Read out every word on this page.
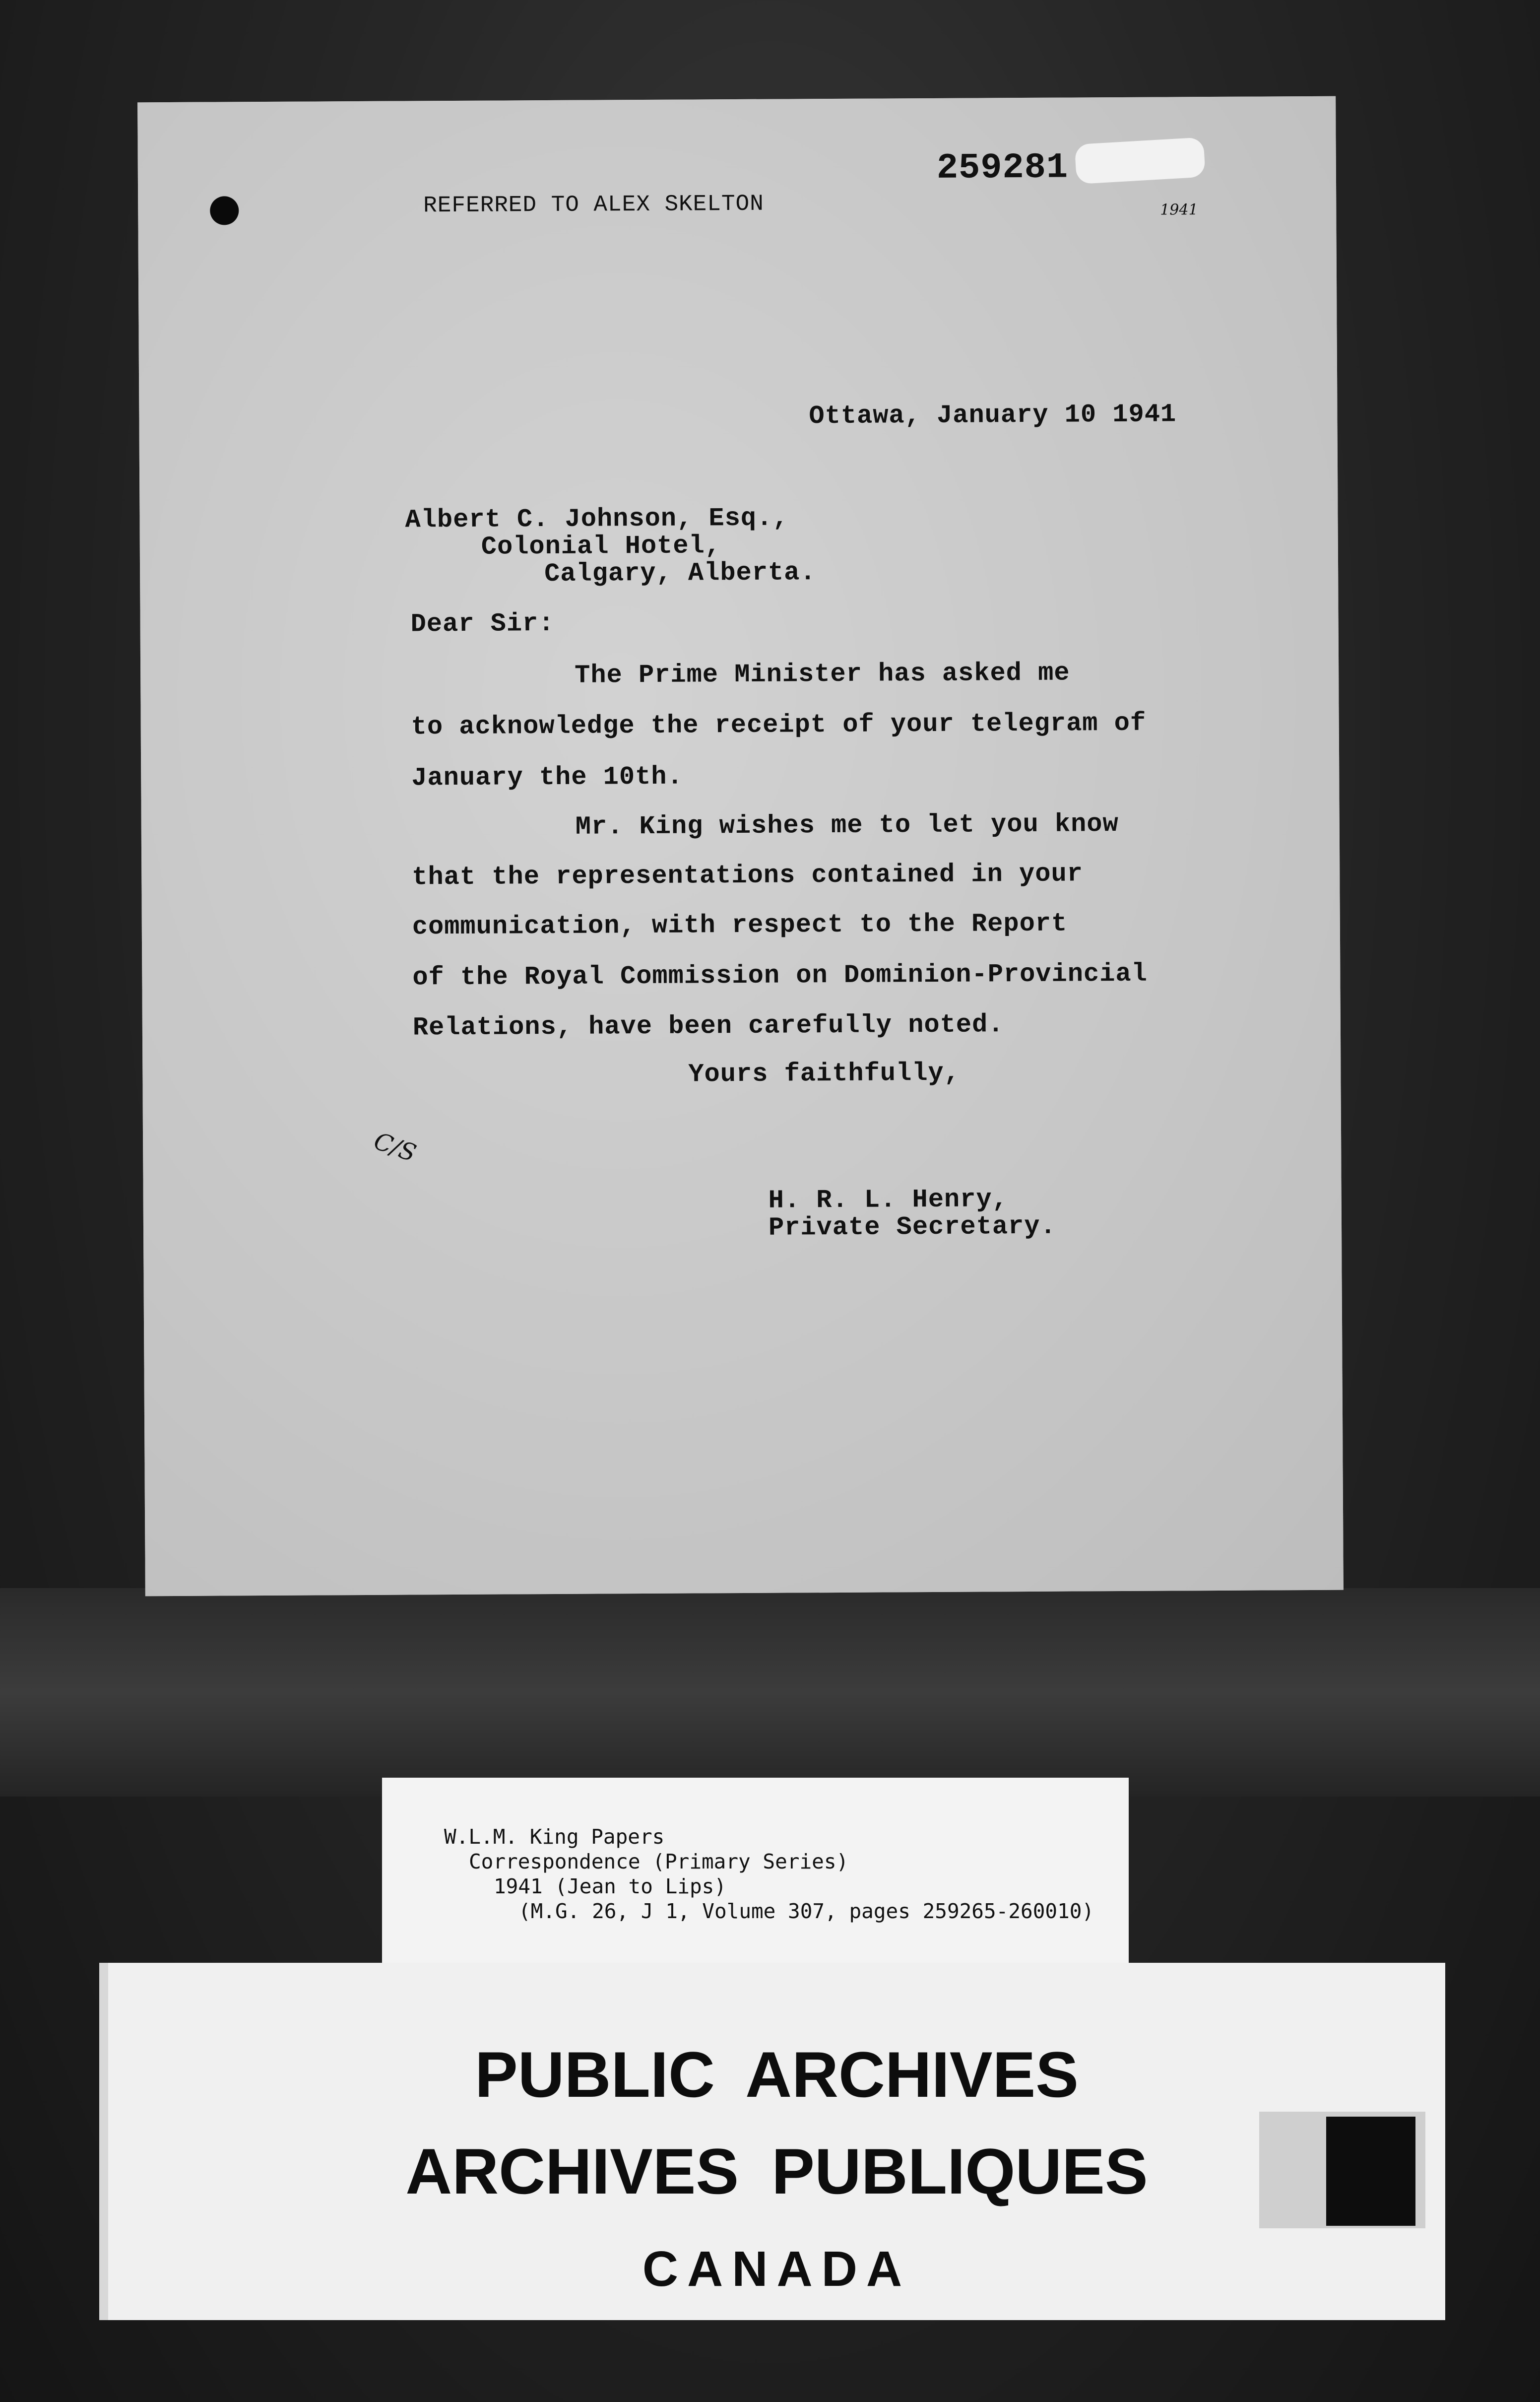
REFERRED TO ALEX SKELTON
259281
1941
Ottawa, January 10 1941
Albert C. Johnson, Esq.,
Colonial Hotel,
Calgary, Alberta.
Dear Sir:
The Prime Minister has asked me
to acknowledge the receipt of your telegram of
January the 10th.
Mr. King wishes me to let you know
that the representations contained in your
communication, with respect to the Report
of the Royal Commission on Dominion-Provincial
Relations, have been carefully noted.
Yours faithfully,
C/S
H. R. L. Henry,
Private Secretary.
W.L.M. King Papers
Correspondence (Primary Series)
1941 (Jean to Lips)
(M.G. 26, J 1, Volume 307, pages 259265-260010)
PUBLIC ARCHIVES
ARCHIVES PUBLIQUES
CANADA
